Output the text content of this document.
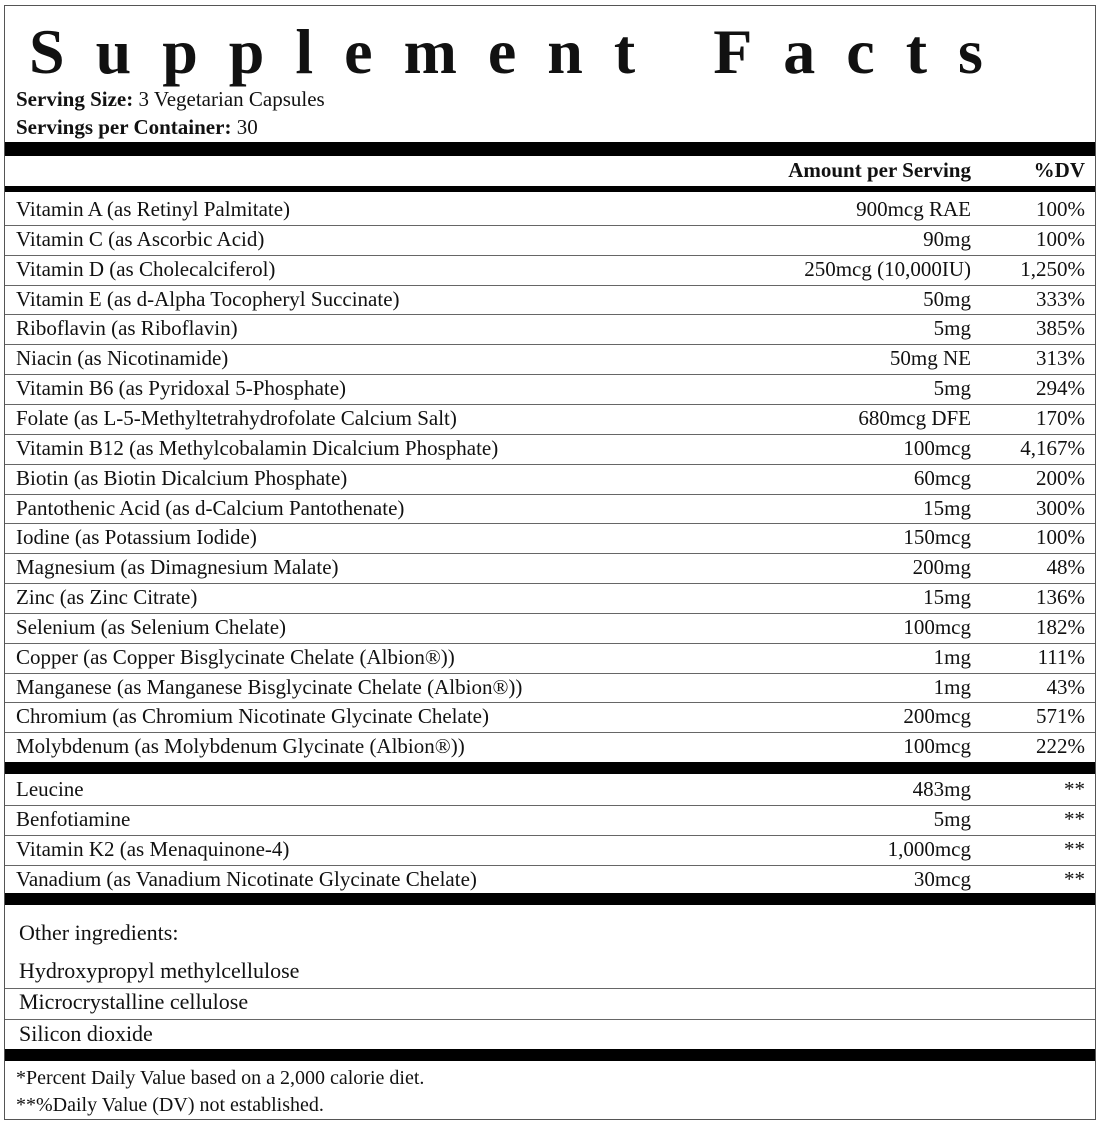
Supplement Facts
Serving Size: 3 Vegetarian Capsules
Servings per Container: 30
Amount per Serving	%DV
Vitamin A (as Retinyl Palmitate)	900mcg RAE	100%
Vitamin C (as Ascorbic Acid)	90mg	100%
Vitamin D (as Cholecalciferol)	250mcg (10,000IU) 1,250%
Vitamin E (as d-Alpha Tocopheryl Succinate)	50mg	333%
Riboflavin (as Riboflavin)	5mg	385%
Niacin (as Nicotinamide)	50mg NE	313%
Vitamin B6 (as Pyridoxal 5-Phosphate)	5mg	294%
Folate (as L-5-Methyltetrahydrofolate Calcium Salt)	680mcg DFE	170%
Vitamin B12 (as Methylcobalamin Dicalcium Phosphate)	100mcg 4,167%
Biotin (as Biotin Dicalcium Phosphate)	60mcg	200%
Pantothenic Acid (as d-Calcium Pantothenate)	15mg	300%
Iodine (as Potassium Iodide)	150mcg	100%
Magnesium (as Dimagnesium Malate)	200mg	48%
Zinc (as Zinc Citrate)	15mg	136%
Selenium (as Selenium Chelate)	100mcg	182%
Copper (as Copper Bisglycinate Chelate (Albion®))	1mg	111%
Manganese (as Manganese Bisglycinate Chelate (Albion®))	1mg	43%
Chromium (as Chromium Nicotinate Glycinate Chelate)	200mcg	571%
Molybdenum (as Molybdenum Glycinate (Albion®))	100mcg	222%
Leucine	483mg	**
Benfotiamine	5mg	**
Vitamin K2 (as Menaquinone-4)	1,000mcg	**
Vanadium (as Vanadium Nicotinate Glycinate Chelate)	30mcg	**
Other ingredients:
Hydroxypropyl methylcellulose
Microcrystalline cellulose
Silicon dioxide
*Percent Daily Value based on a 2,000 calorie diet.
**%Daily Value (DV) not established.
